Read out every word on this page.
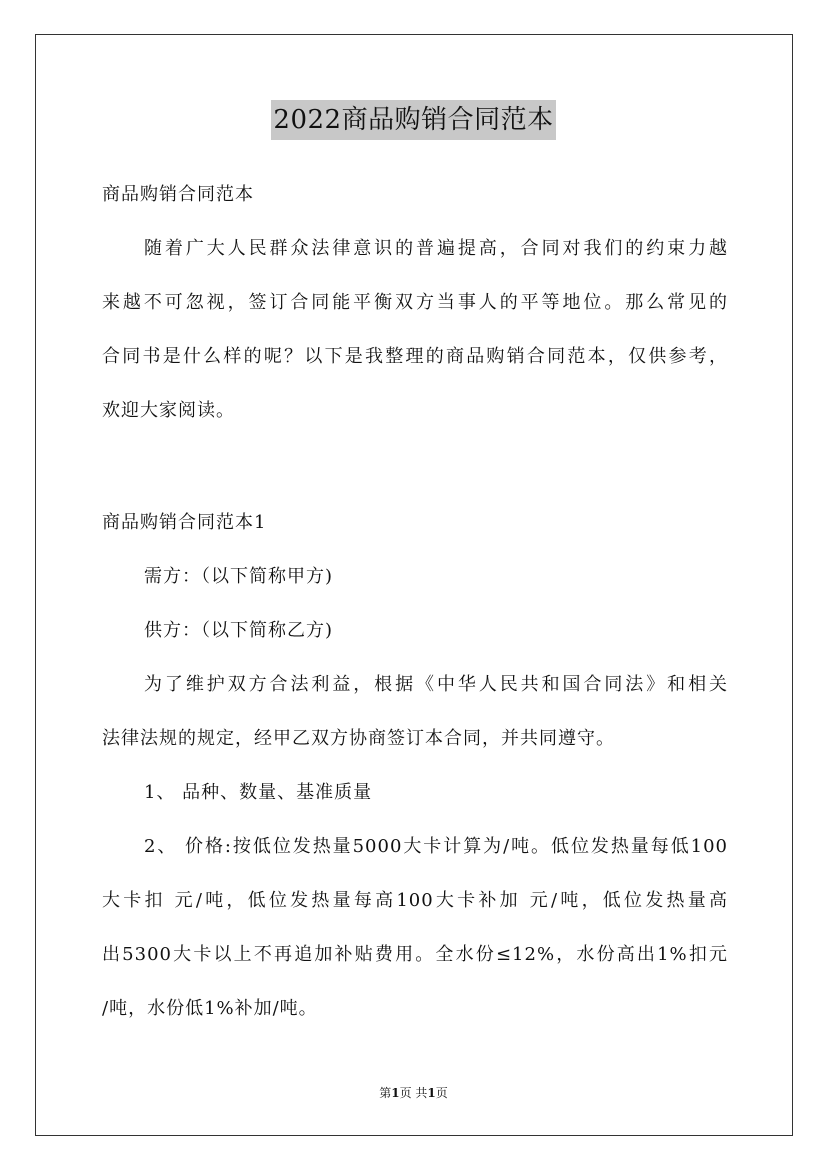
2022商品购销合同范本
商品购销合同范本
随着广大人民群众法律意识的普遍提高，合同对我们的约束力越
来越不可忽视，签订合同能平衡双方当事人的平等地位。那么常见的
合同书是什么样的呢？以下是我整理的商品购销合同范本，仅供参考，
欢迎大家阅读。
商品购销合同范本1
需方：（以下简称甲方)
供方：（以下简称乙方)
为了维护双方合法利益，根据《中华人民共和国合同法》和相关
法律法规的规定，经甲乙双方协商签订本合同，并共同遵守。
1、 品种、数量、基准质量
2、 价格:按低位发热量5000大卡计算为/吨。低位发热量每低100
大卡扣 元/吨，低位发热量每高100大卡补加 元/吨，低位发热量高
出5300大卡以上不再追加补贴费用。全水份≤12%，水份高出1%扣元
/吨，水份低1%补加/吨。
第1页 共1页
